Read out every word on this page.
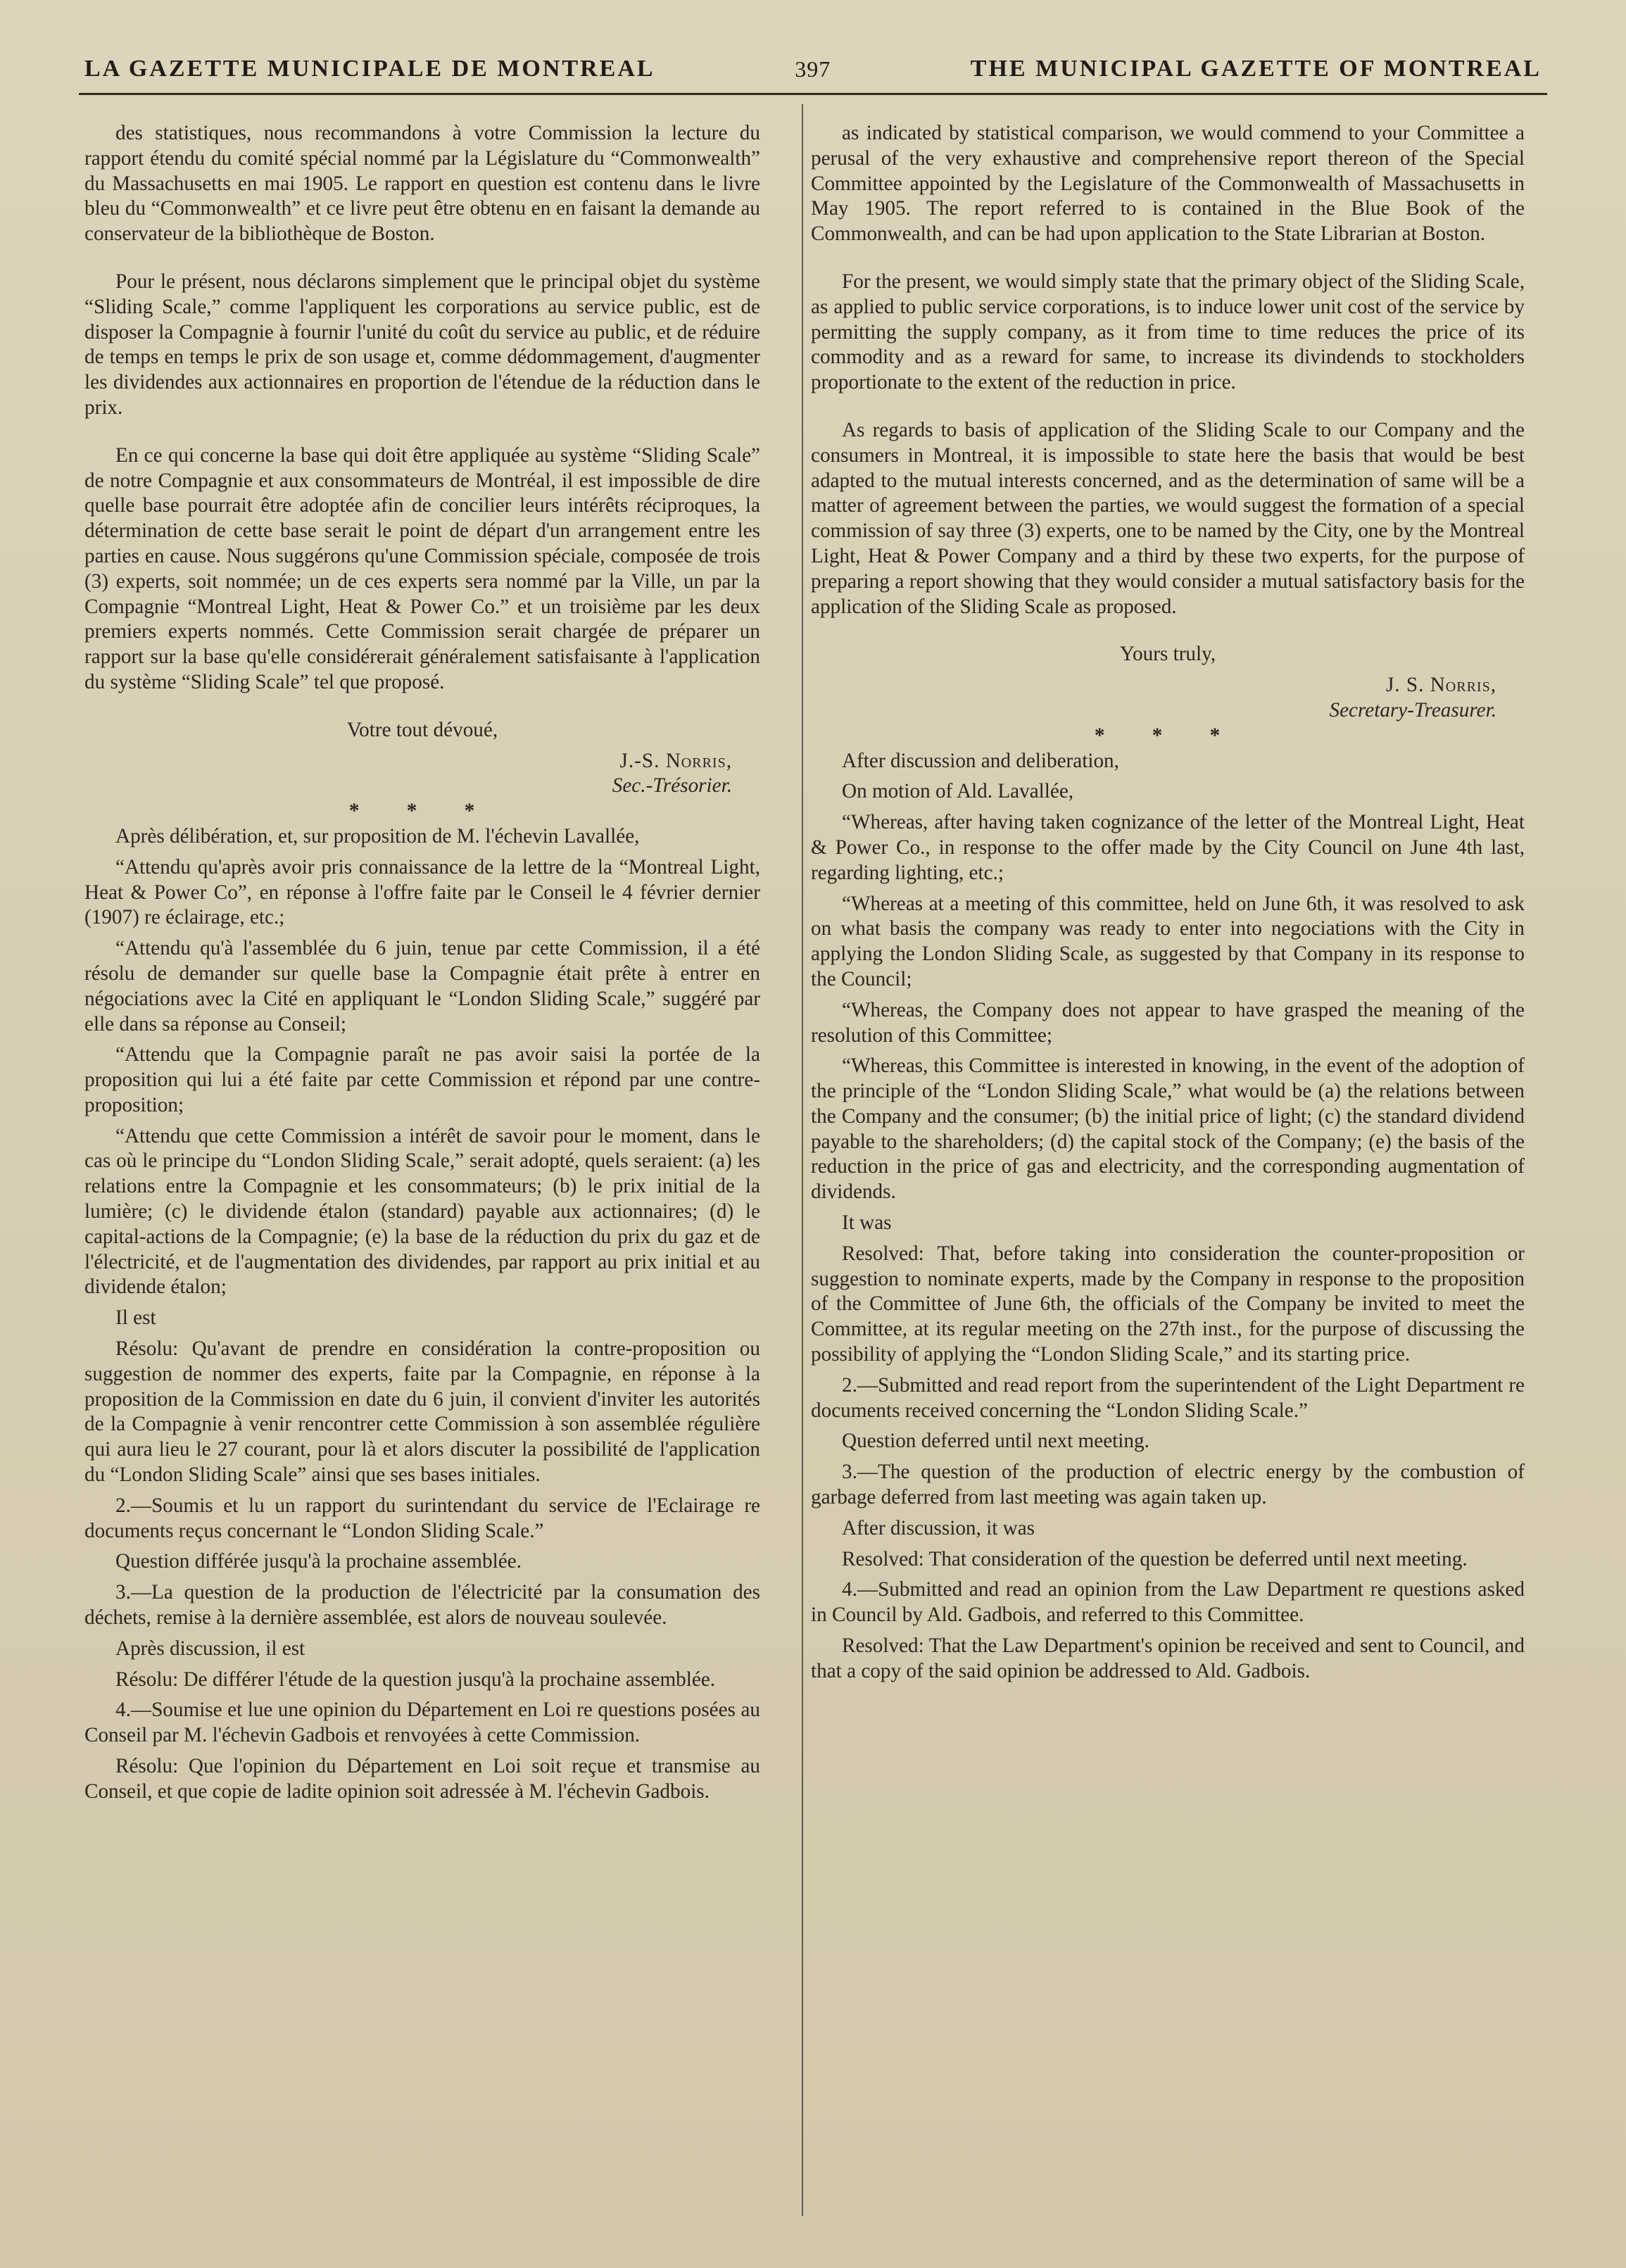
LA GAZETTE MUNICIPALE DE MONTREAL	397	THE MUNICIPAL GAZETTE OF MONTREAL

des statistiques, nous recommandons à votre Commission la lecture du rapport étendu du comité spécial nommé par la Législature du “Commonwealth” du Massachusetts en mai 1905. Le rapport en question est contenu dans le livre bleu du “Commonwealth” et ce livre peut être obtenu en en faisant la demande au conservateur de la bibliothèque de Boston.

Pour le présent, nous déclarons simplement que le principal objet du système “Sliding Scale,” comme l'appliquent les corporations au service public, est de disposer la Compagnie à fournir l'unité du coût du service au public, et de réduire de temps en temps le prix de son usage et, comme dédommagement, d'augmenter les dividendes aux actionnaires en proportion de l'étendue de la réduction dans le prix.

En ce qui concerne la base qui doit être appliquée au système “Sliding Scale” de notre Compagnie et aux consommateurs de Montréal, il est impossible de dire quelle base pourrait être adoptée afin de concilier leurs intérêts réciproques, la détermination de cette base serait le point de départ d'un arrangement entre les parties en cause. Nous suggérons qu'une Commission spéciale, composée de trois (3) experts, soit nommée; un de ces experts sera nommé par la Ville, un par la Compagnie “Montreal Light, Heat & Power Co.” et un troisième par les deux premiers experts nommés. Cette Commission serait chargée de préparer un rapport sur la base qu'elle considérerait généralement satisfaisante à l'application du système “Sliding Scale” tel que proposé.

Votre tout dévoué,

J.-S. Norris,

Sec.-Trésorier.

* * *

Après délibération, et, sur proposition de M. l'échevin Lavallée,

“Attendu qu'après avoir pris connaissance de la lettre de la “Montreal Light, Heat & Power Co”, en réponse à l'offre faite par le Conseil le 4 février dernier (1907) re éclairage, etc.;

“Attendu qu'à l'assemblée du 6 juin, tenue par cette Commission, il a été résolu de demander sur quelle base la Compagnie était prête à entrer en négociations avec la Cité en appliquant le “London Sliding Scale,” suggéré par elle dans sa réponse au Conseil;

“Attendu que la Compagnie paraît ne pas avoir saisi la portée de la proposition qui lui a été faite par cette Commission et répond par une contre-proposition;

“Attendu que cette Commission a intérêt de savoir pour le moment, dans le cas où le principe du “London Sliding Scale,” serait adopté, quels seraient: (a) les relations entre la Compagnie et les consommateurs; (b) le prix initial de la lumière; (c) le dividende étalon (standard) payable aux actionnaires; (d) le capital-actions de la Compagnie; (e) la base de la réduction du prix du gaz et de l'électricité, et de l'augmentation des dividendes, par rapport au prix initial et au dividende étalon;

Il est

Résolu: Qu'avant de prendre en considération la contre-proposition ou suggestion de nommer des experts, faite par la Compagnie, en réponse à la proposition de la Commission en date du 6 juin, il convient d'inviter les autorités de la Compagnie à venir rencontrer cette Commission à son assemblée régulière qui aura lieu le 27 courant, pour là et alors discuter la possibilité de l'application du “London Sliding Scale” ainsi que ses bases initiales.

2.—Soumis et lu un rapport du surintendant du service de l'Eclairage re documents reçus concernant le “London Sliding Scale.”

Question différée jusqu'à la prochaine assemblée.

3.—La question de la production de l'électricité par la consumation des déchets, remise à la dernière assemblée, est alors de nouveau soulevée.

Après discussion, il est

Résolu: De différer l'étude de la question jusqu'à la prochaine assemblée.

4.—Soumise et lue une opinion du Département en Loi re questions posées au Conseil par M. l'échevin Gadbois et renvoyées à cette Commission.

Résolu: Que l'opinion du Département en Loi soit reçue et transmise au Conseil, et que copie de ladite opinion soit adressée à M. l'échevin Gadbois.

as indicated by statistical comparison, we would commend to your Committee a perusal of the very exhaustive and comprehensive report thereon of the Special Committee appointed by the Legislature of the Commonwealth of Massachusetts in May 1905. The report referred to is contained in the Blue Book of the Commonwealth, and can be had upon application to the State Librarian at Boston.

For the present, we would simply state that the primary object of the Sliding Scale, as applied to public service corporations, is to induce lower unit cost of the service by permitting the supply company, as it from time to time reduces the price of its commodity and as a reward for same, to increase its divindends to stockholders proportionate to the extent of the reduction in price.

As regards to basis of application of the Sliding Scale to our Company and the consumers in Montreal, it is impossible to state here the basis that would be best adapted to the mutual interests concerned, and as the determination of same will be a matter of agreement between the parties, we would suggest the formation of a special commission of say three (3) experts, one to be named by the City, one by the Montreal Light, Heat & Power Company and a third by these two experts, for the purpose of preparing a report showing that they would consider a mutual satisfactory basis for the application of the Sliding Scale as proposed.

Yours truly,

J. S. Norris,

Secretary-Treasurer.

* * *

After discussion and deliberation,

On motion of Ald. Lavallée,

“Whereas, after having taken cognizance of the letter of the Montreal Light, Heat & Power Co., in response to the offer made by the City Council on June 4th last, regarding lighting, etc.;

“Whereas at a meeting of this committee, held on June 6th, it was resolved to ask on what basis the company was ready to enter into negociations with the City in applying the London Sliding Scale, as suggested by that Company in its response to the Council;

“Whereas, the Company does not appear to have grasped the meaning of the resolution of this Committee;

“Whereas, this Committee is interested in knowing, in the event of the adoption of the principle of the “London Sliding Scale,” what would be (a) the relations between the Company and the consumer; (b) the initial price of light; (c) the standard dividend payable to the shareholders; (d) the capital stock of the Company; (e) the basis of the reduction in the price of gas and electricity, and the corresponding augmentation of dividends.

It was

Resolved: That, before taking into consideration the counter-proposition or suggestion to nominate experts, made by the Company in response to the proposition of the Committee of June 6th, the officials of the Company be invited to meet the Committee, at its regular meeting on the 27th inst., for the purpose of discussing the possibility of applying the “London Sliding Scale,” and its starting price.

2.—Submitted and read report from the superintendent of the Light Department re documents received concerning the “London Sliding Scale.”

Question deferred until next meeting.

3.—The question of the production of electric energy by the combustion of garbage deferred from last meeting was again taken up.

After discussion, it was

Resolved: That consideration of the question be deferred until next meeting.

4.—Submitted and read an opinion from the Law Department re questions asked in Council by Ald. Gadbois, and referred to this Committee.

Resolved: That the Law Department's opinion be received and sent to Council, and that a copy of the said opinion be addressed to Ald. Gadbois.
